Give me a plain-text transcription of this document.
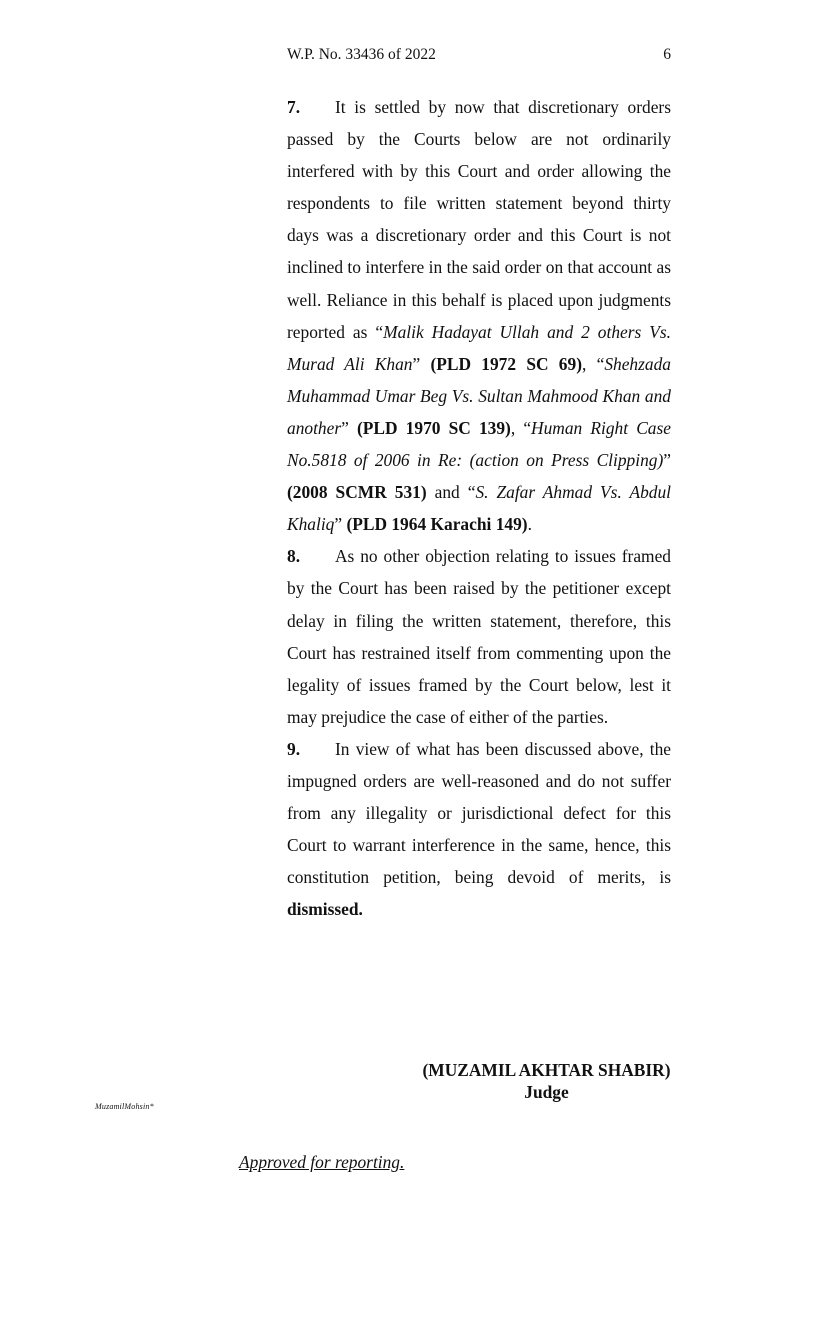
W.P. No. 33436 of 2022	6

7. It is settled by now that discretionary orders passed by the Courts below are not ordinarily interfered with by this Court and order allowing the respondents to file written statement beyond thirty days was a discretionary order and this Court is not inclined to interfere in the said order on that account as well. Reliance in this behalf is placed upon judgments reported as “Malik Hadayat Ullah and 2 others Vs. Murad Ali Khan” (PLD 1972 SC 69), “Shehzada Muhammad Umar Beg Vs. Sultan Mahmood Khan and another” (PLD 1970 SC 139), “Human Right Case No.5818 of 2006 in Re: (action on Press Clipping)” (2008 SCMR 531) and “S. Zafar Ahmad Vs. Abdul Khaliq” (PLD 1964 Karachi 149).

8. As no other objection relating to issues framed by the Court has been raised by the petitioner except delay in filing the written statement, therefore, this Court has restrained itself from commenting upon the legality of issues framed by the Court below, lest it may prejudice the case of either of the parties.

9. In view of what has been discussed above, the impugned orders are well-reasoned and do not suffer from any illegality or jurisdictional defect for this Court to warrant interference in the same, hence, this constitution petition, being devoid of merits, is dismissed.

(MUZAMIL AKHTAR SHABIR)
Judge
MuzamilMohsin*
Approved for reporting.
